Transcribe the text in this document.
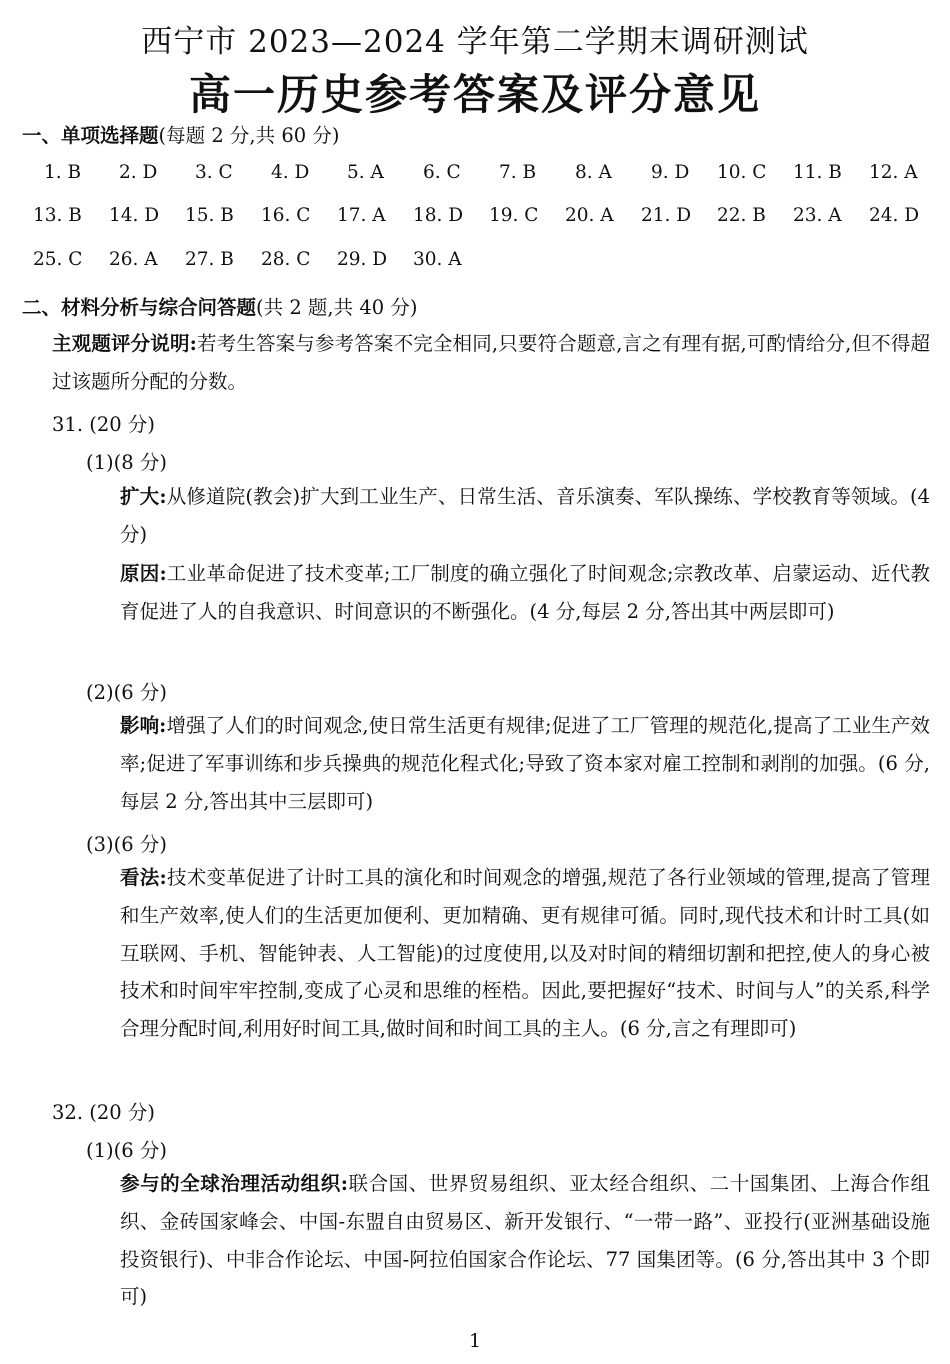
西宁市 2023—2024 学年第二学期末调研测试
高一历史参考答案及评分意见
一、单项选择题(每题 2 分,共 60 分)
1. B 2. D 3. C 4. D 5. A 6. C 7. B 8. A 9. D 10. C 11. B 12. A
13. B 14. D 15. B 16. C 17. A 18. D 19. C 20. A 21. D 22. B 23. A 24. D
25. C 26. A 27. B 28. C 29. D 30. A
二、材料分析与综合问答题(共 2 题,共 40 分)
主观题评分说明:若考生答案与参考答案不完全相同,只要符合题意,言之有理有据,可酌情给分,但不得超过该题所分配的分数。
31. (20 分)
(1)(8 分)
扩大:从修道院(教会)扩大到工业生产、日常生活、音乐演奏、军队操练、学校教育等领域。(4 分)
原因:工业革命促进了技术变革;工厂制度的确立强化了时间观念;宗教改革、启蒙运动、近代教育促进了人的自我意识、时间意识的不断强化。(4 分,每层 2 分,答出其中两层即可)
(2)(6 分)
影响:增强了人们的时间观念,使日常生活更有规律;促进了工厂管理的规范化,提高了工业生产效率;促进了军事训练和步兵操典的规范化程式化;导致了资本家对雇工控制和剥削的加强。(6 分,每层 2 分,答出其中三层即可)
(3)(6 分)
看法:技术变革促进了计时工具的演化和时间观念的增强,规范了各行业领域的管理,提高了管理和生产效率,使人们的生活更加便利、更加精确、更有规律可循。同时,现代技术和计时工具(如互联网、手机、智能钟表、人工智能)的过度使用,以及对时间的精细切割和把控,使人的身心被技术和时间牢牢控制,变成了心灵和思维的桎梏。因此,要把握好“技术、时间与人”的关系,科学合理分配时间,利用好时间工具,做时间和时间工具的主人。(6 分,言之有理即可)
32. (20 分)
(1)(6 分)
参与的全球治理活动组织:联合国、世界贸易组织、亚太经合组织、二十国集团、上海合作组织、金砖国家峰会、中国-东盟自由贸易区、新开发银行、“一带一路”、亚投行(亚洲基础设施投资银行)、中非合作论坛、中国-阿拉伯国家合作论坛、77 国集团等。(6 分,答出其中 3 个即可)
1
